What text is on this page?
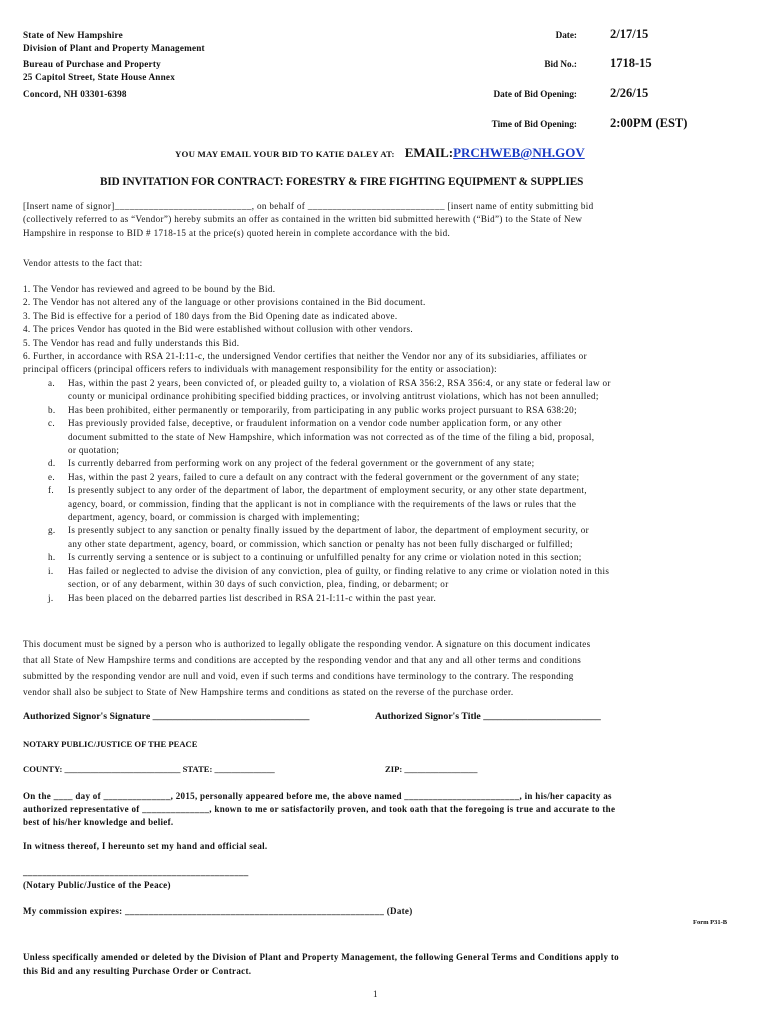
State of New Hampshire
Division of Plant and Property Management
Bureau of Purchase and Property
25 Capitol Street, State House Annex
Concord, NH 03301-6398
Date:	2/17/15
Bid No.:	1718-15
Date of Bid Opening:	2/26/15
Time of Bid Opening:	2:00PM (EST)
YOU MAY EMAIL YOUR BID TO KATIE DALEY AT: EMAIL:PRCHWEB@NH.GOV
BID INVITATION FOR CONTRACT: FORESTRY & FIRE FIGHTING EQUIPMENT & SUPPLIES
[Insert name of signor]____________________________, on behalf of ____________________________ [insert name of entity submitting bid
(collectively referred to as “Vendor”) hereby submits an offer as contained in the written bid submitted herewith (“Bid”) to the State of New
Hampshire in response to BID # 1718-15 at the price(s) quoted herein in complete accordance with the bid.
Vendor attests to the fact that:
1. The Vendor has reviewed and agreed to be bound by the Bid.
2. The Vendor has not altered any of the language or other provisions contained in the Bid document.
3. The Bid is effective for a period of 180 days from the Bid Opening date as indicated above.
4. The prices Vendor has quoted in the Bid were established without collusion with other vendors.
5. The Vendor has read and fully understands this Bid.
6. Further, in accordance with RSA 21-I:11-c, the undersigned Vendor certifies that neither the Vendor nor any of its subsidiaries, affiliates or
principal officers (principal officers refers to individuals with management responsibility for the entity or association):
a.	Has, within the past 2 years, been convicted of, or pleaded guilty to, a violation of RSA 356:2, RSA 356:4, or any state or federal law or
county or municipal ordinance prohibiting specified bidding practices, or involving antitrust violations, which has not been annulled;
b.	Has been prohibited, either permanently or temporarily, from participating in any public works project pursuant to RSA 638:20;
c.	Has previously provided false, deceptive, or fraudulent information on a vendor code number application form, or any other
document submitted to the state of New Hampshire, which information was not corrected as of the time of the filing a bid, proposal,
or quotation;
d.	Is currently debarred from performing work on any project of the federal government or the government of any state;
e.	Has, within the past 2 years, failed to cure a default on any contract with the federal government or the government of any state;
f.	Is presently subject to any order of the department of labor, the department of employment security, or any other state department,
agency, board, or commission, finding that the applicant is not in compliance with the requirements of the laws or rules that the
department, agency, board, or commission is charged with implementing;
g.	Is presently subject to any sanction or penalty finally issued by the department of labor, the department of employment security, or
any other state department, agency, board, or commission, which sanction or penalty has not been fully discharged or fulfilled;
h.	Is currently serving a sentence or is subject to a continuing or unfulfilled penalty for any crime or violation noted in this section;
i.	Has failed or neglected to advise the division of any conviction, plea of guilty, or finding relative to any crime or violation noted in this
section, or of any debarment, within 30 days of such conviction, plea, finding, or debarment; or
j.	Has been placed on the debarred parties list described in RSA 21-I:11-c within the past year.
This document must be signed by a person who is authorized to legally obligate the responding vendor. A signature on this document indicates
that all State of New Hampshire terms and conditions are accepted by the responding vendor and that any and all other terms and conditions
submitted by the responding vendor are null and void, even if such terms and conditions have terminology to the contrary. The responding
vendor shall also be subject to State of New Hampshire terms and conditions as stated on the reverse of the purchase order.
Authorized Signor's Signature ________________________________	Authorized Signor's Title ________________________
NOTARY PUBLIC/JUSTICE OF THE PEACE
COUNTY: ___________________________ STATE: ______________	ZIP: _________________
On the ____ day of ______________, 2015, personally appeared before me, the above named ________________________, in his/her capacity as
authorized representative of ______________, known to me or satisfactorily proven, and took oath that the foregoing is true and accurate to the
best of his/her knowledge and belief.
In witness thereof, I hereunto set my hand and official seal.
_______________________________________________
(Notary Public/Justice of the Peace)
My commission expires: ______________________________________________________ (Date)
Form P31-B
Unless specifically amended or deleted by the Division of Plant and Property Management, the following General Terms and Conditions apply to
this Bid and any resulting Purchase Order or Contract.
1
